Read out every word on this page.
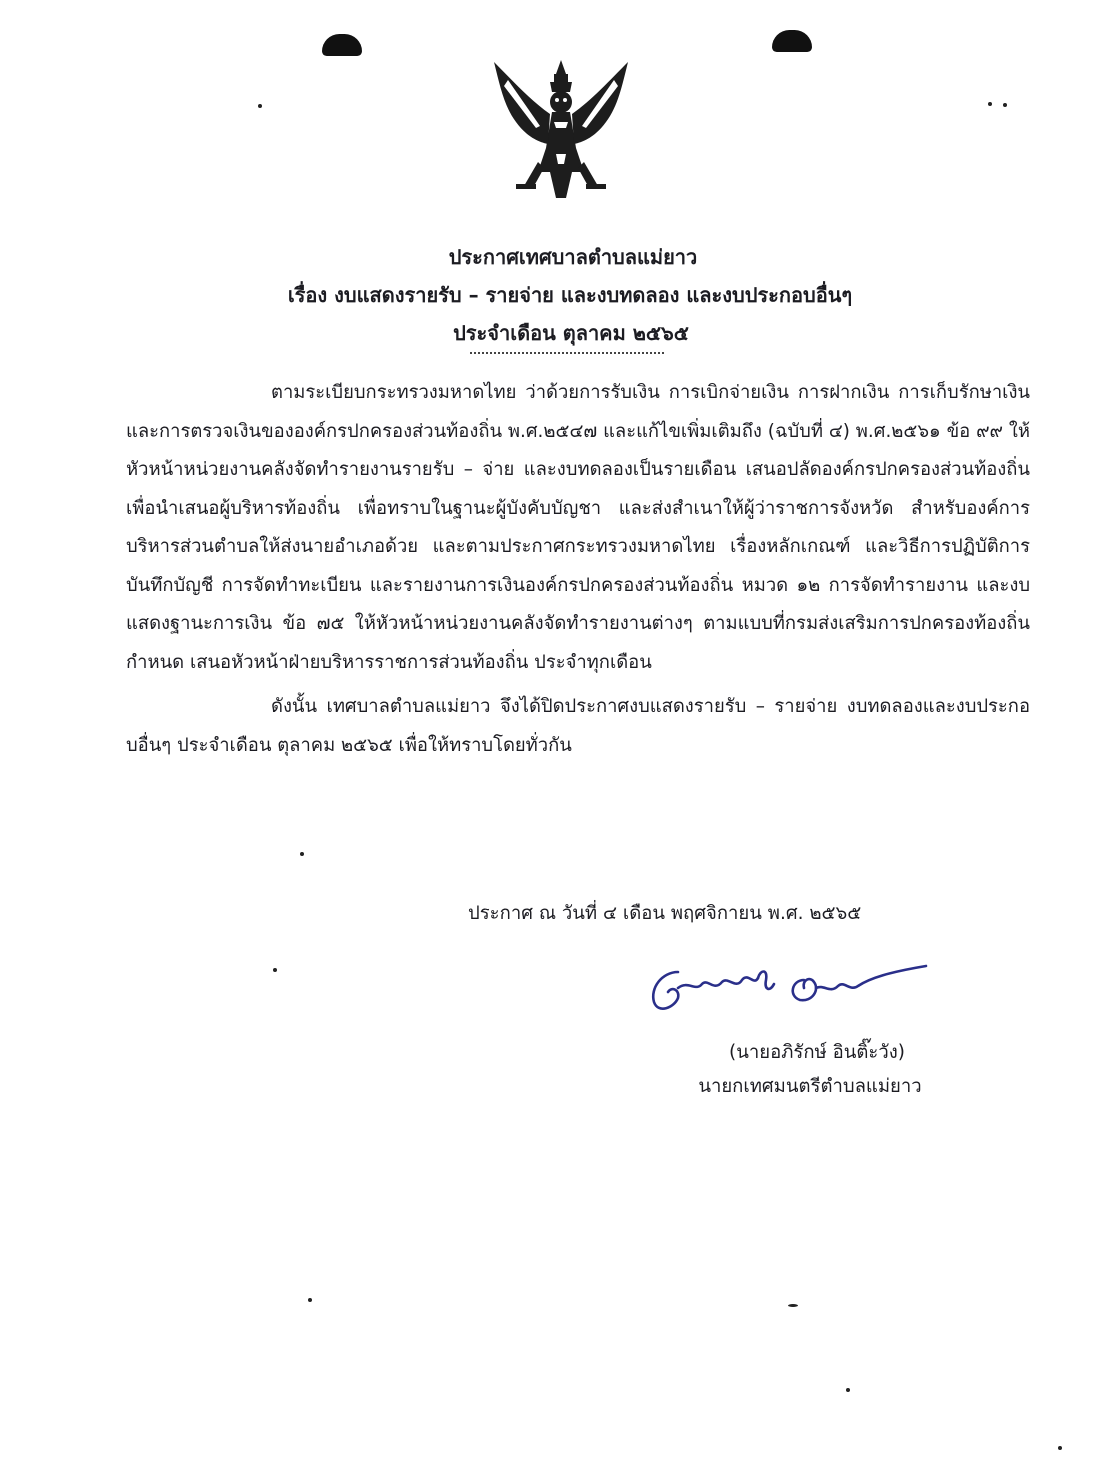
ประกาศเทศบาลตำบลแม่ยาว
เรื่อง งบแสดงรายรับ – รายจ่าย และงบทดลอง และงบประกอบอื่นๆ
ประจำเดือน ตุลาคม ๒๕๖๕

ตามระเบียบกระทรวงมหาดไทย ว่าด้วยการรับเงิน การเบิกจ่ายเงิน การฝากเงิน การเก็บรักษาเงิน และการตรวจเงินขององค์กรปกครองส่วนท้องถิ่น พ.ศ.๒๕๔๗ และแก้ไขเพิ่มเติมถึง (ฉบับที่ ๔) พ.ศ.๒๕๖๑ ข้อ ๙๙ ให้หัวหน้าหน่วยงานคลังจัดทำรายงานรายรับ – จ่าย และงบทดลองเป็นรายเดือน เสนอปลัดองค์กรปกครองส่วนท้องถิ่น เพื่อนำเสนอผู้บริหารท้องถิ่น เพื่อทราบในฐานะผู้บังคับบัญชา และส่งสำเนาให้ผู้ว่าราชการจังหวัด สำหรับองค์การบริหารส่วนตำบลให้ส่งนายอำเภอด้วย และตามประกาศกระทรวงมหาดไทย เรื่องหลักเกณฑ์ และวิธีการปฏิบัติการบันทึกบัญชี การจัดทำทะเบียน และรายงานการเงินองค์กรปกครองส่วนท้องถิ่น หมวด ๑๒ การจัดทำรายงาน และงบแสดงฐานะการเงิน ข้อ ๗๕ ให้หัวหน้าหน่วยงานคลังจัดทำรายงานต่างๆ ตามแบบที่กรมส่งเสริมการปกครองท้องถิ่นกำหนด เสนอหัวหน้าฝ่ายบริหารราชการส่วนท้องถิ่น ประจำทุกเดือน

ดังนั้น เทศบาลตำบลแม่ยาว จึงได้ปิดประกาศงบแสดงรายรับ – รายจ่าย งบทดลองและงบประกอบอื่นๆ ประจำเดือน ตุลาคม ๒๕๖๕ เพื่อให้ทราบโดยทั่วกัน

ประกาศ ณ วันที่ ๔ เดือน พฤศจิกายน พ.ศ. ๒๕๖๕
(นายอภิรักษ์ อินติ๊ะวัง)
นายกเทศมนตรีตำบลแม่ยาว
